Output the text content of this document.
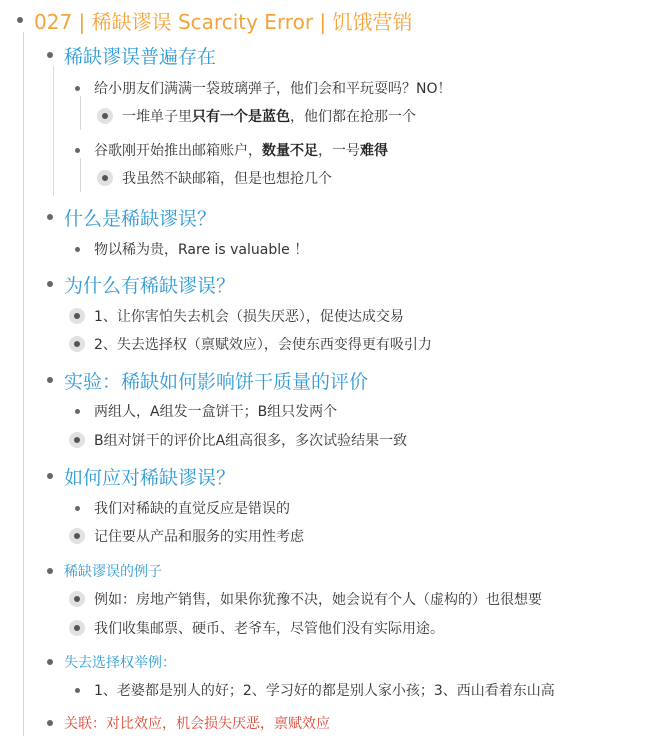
027 | 稀缺谬误 Scarcity Error | 饥饿营销
稀缺谬误普遍存在
给小朋友们满满一袋玻璃弹子，他们会和平玩耍吗？NO！
一堆单子里只有一个是蓝色，他们都在抢那一个
谷歌刚开始推出邮箱账户，数量不足，一号难得
我虽然不缺邮箱，但是也想抢几个
什么是稀缺谬误？
物以稀为贵，Rare is valuable ！
为什么有稀缺谬误？
1、让你害怕失去机会（损失厌恶），促使达成交易
2、失去选择权（禀赋效应），会使东西变得更有吸引力
实验：稀缺如何影响饼干质量的评价
两组人，A组发一盒饼干；B组只发两个
B组对饼干的评价比A组高很多，多次试验结果一致
如何应对稀缺谬误？
我们对稀缺的直觉反应是错误的
记住要从产品和服务的实用性考虑
稀缺谬误的例子
例如：房地产销售，如果你犹豫不决，她会说有个人（虚构的）也很想要
我们收集邮票、硬币、老爷车，尽管他们没有实际用途。
失去选择权举例：
1、老婆都是别人的好；2、学习好的都是别人家小孩；3、西山看着东山高
关联：对比效应，机会损失厌恶，禀赋效应
